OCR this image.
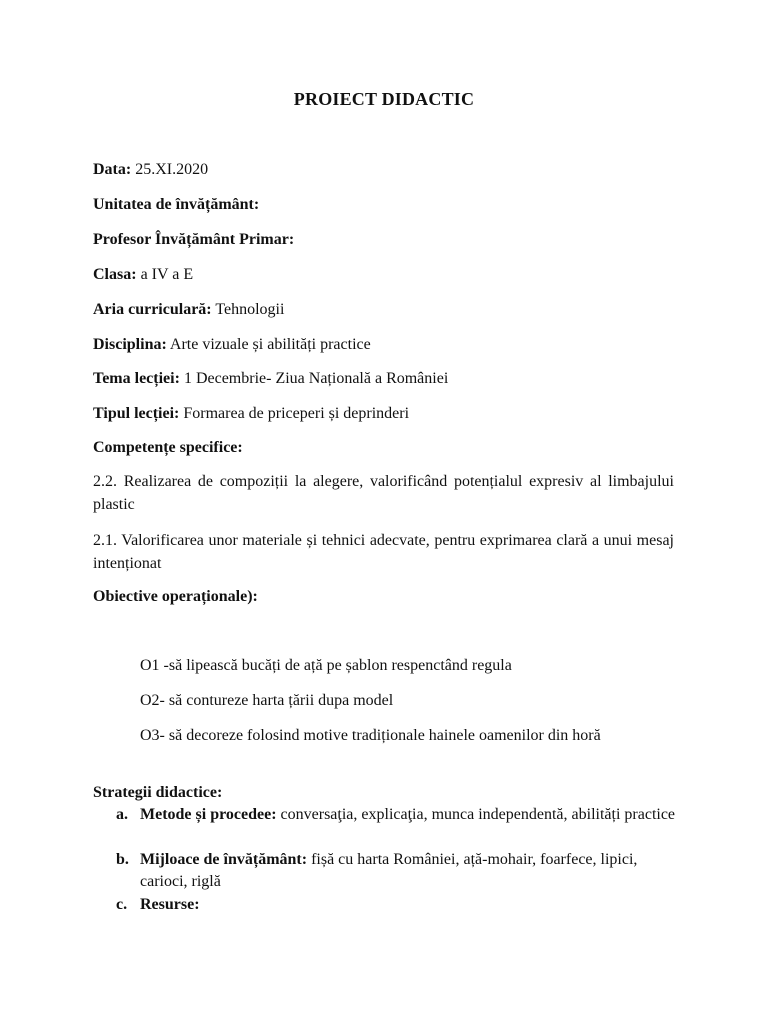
PROIECT DIDACTIC
Data: 25.XI.2020
Unitatea de învățământ:
Profesor Învățământ Primar:
Clasa: a IV a E
Aria curriculară: Tehnologii
Disciplina: Arte vizuale și abilități practice
Tema lecției: 1 Decembrie- Ziua Națională a României
Tipul lecției: Formarea de priceperi și deprinderi
Competențe specifice:
2.2. Realizarea de compoziții la alegere, valorificând potențialul expresiv al limbajului plastic
2.1. Valorificarea unor materiale și tehnici adecvate, pentru exprimarea clară a unui mesaj intenționat
Obiective operaționale):
O1 -să lipească bucăți de ață pe șablon respenctând regula
O2- să contureze harta țării dupa model
O3- să decoreze folosind motive tradiționale hainele oamenilor din horă
Strategii didactice:
a. Metode și procedee: conversaţia, explicaţia, munca independentă, abilități practice
b. Mijloace de învățământ: fișă cu harta României, ață-mohair, foarfece, lipici, carioci, riglă
c. Resurse:
